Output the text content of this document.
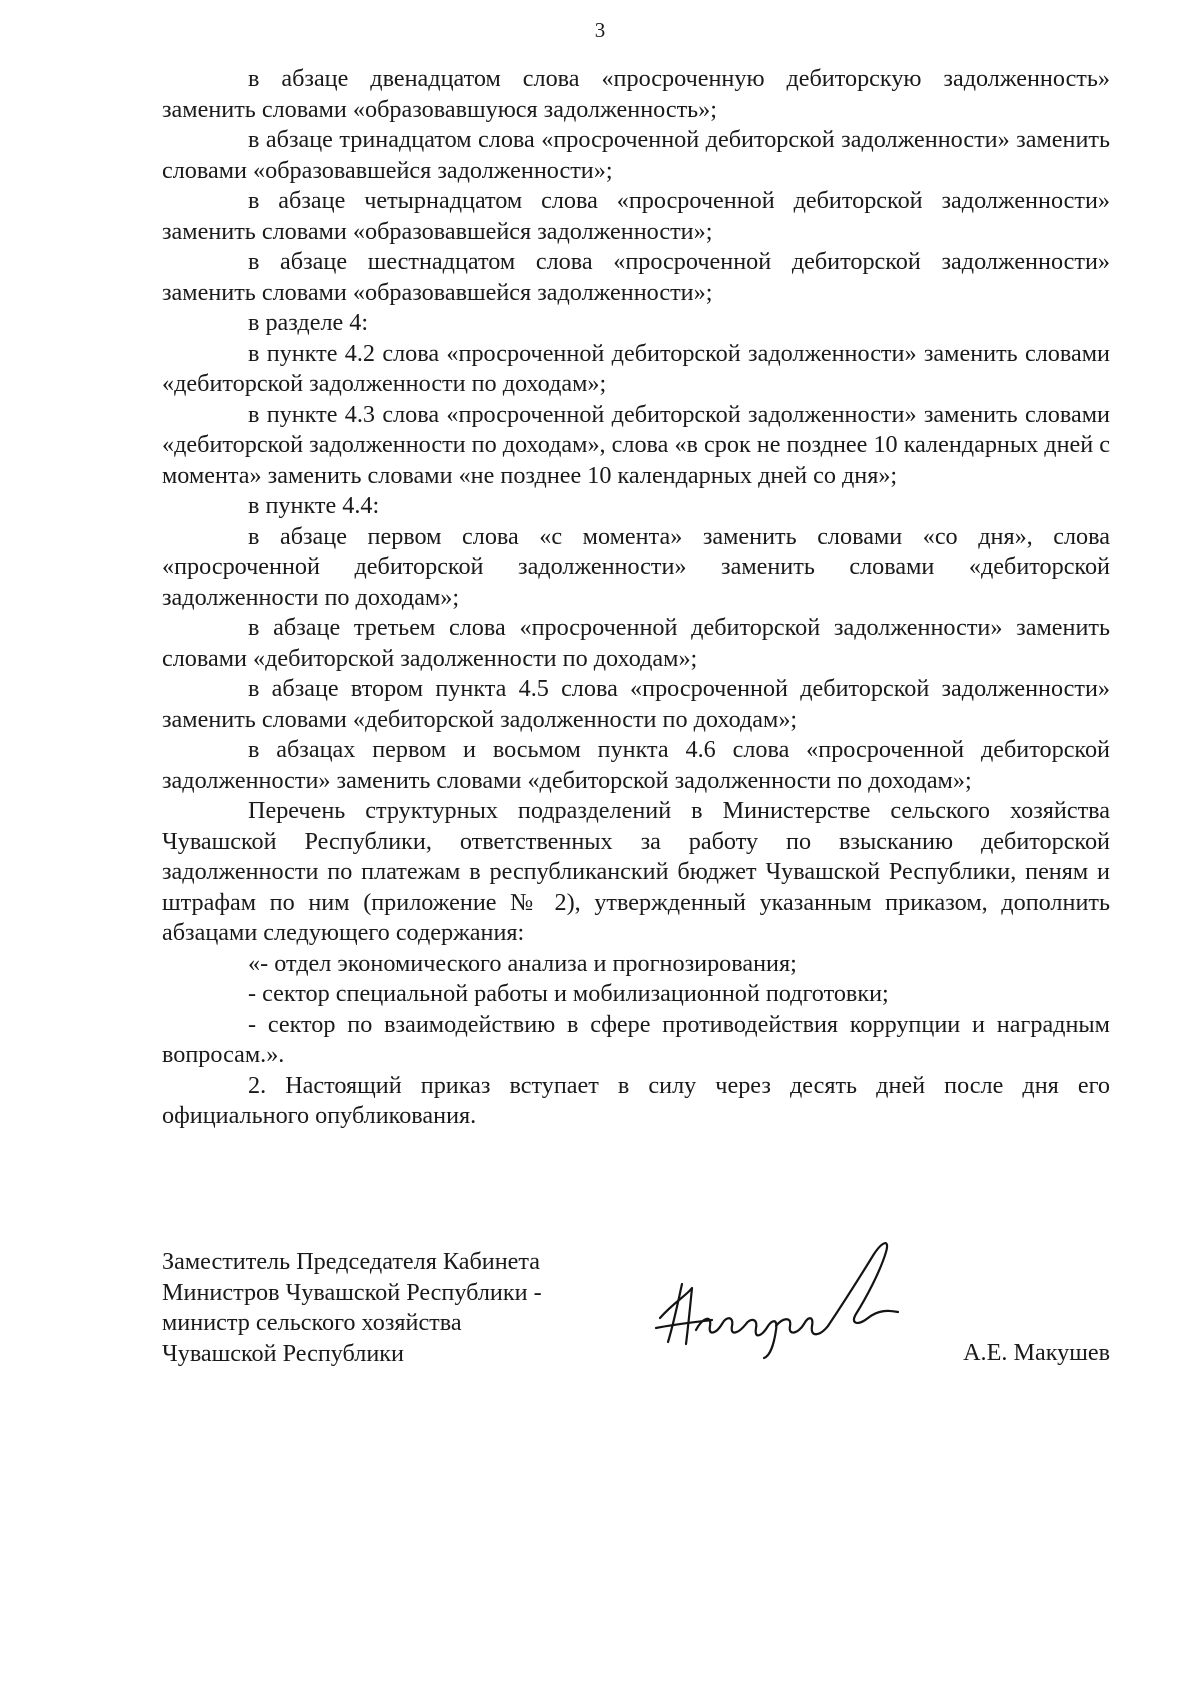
3

в абзаце двенадцатом слова «просроченную дебиторскую задолженность» заменить словами «образовавшуюся задолженность»;

в абзаце тринадцатом слова «просроченной дебиторской задолженности» заменить словами «образовавшейся задолженности»;

в абзаце четырнадцатом слова «просроченной дебиторской задолженности» заменить словами «образовавшейся задолженности»;

в абзаце шестнадцатом слова «просроченной дебиторской задолженности» заменить словами «образовавшейся задолженности»;

в разделе 4:

в пункте 4.2 слова «просроченной дебиторской задолженности» заменить словами «дебиторской задолженности по доходам»;

в пункте 4.3 слова «просроченной дебиторской задолженности» заменить словами «дебиторской задолженности по доходам», слова «в срок не позднее 10 календарных дней с момента» заменить словами «не позднее 10 календарных дней со дня»;

в пункте 4.4:

в абзаце первом слова «с момента» заменить словами «со дня», слова «просроченной дебиторской задолженности» заменить словами «дебиторской задолженности по доходам»;

в абзаце третьем слова «просроченной дебиторской задолженности» заменить словами «дебиторской задолженности по доходам»;

в абзаце втором пункта 4.5 слова «просроченной дебиторской задолженности» заменить словами «дебиторской задолженности по доходам»;

в абзацах первом и восьмом пункта 4.6 слова «просроченной дебиторской задолженности» заменить словами «дебиторской задолженности по доходам»;

Перечень структурных подразделений в Министерстве сельского хозяйства Чувашской Республики, ответственных за работу по взысканию дебиторской задолженности по платежам в республиканский бюджет Чувашской Республики, пеням и штрафам по ним (приложение № 2), утвержденный указанным приказом, дополнить абзацами следующего содержания:

«- отдел экономического анализа и прогнозирования;

- сектор специальной работы и мобилизационной подготовки;

- сектор по взаимодействию в сфере противодействия коррупции и наградным вопросам.».

2. Настоящий приказ вступает в силу через десять дней после дня его официального опубликования.

Заместитель Председателя Кабинета
Министров Чувашской Республики -
министр сельского хозяйства
Чувашской Республики	А.Е. Макушев
